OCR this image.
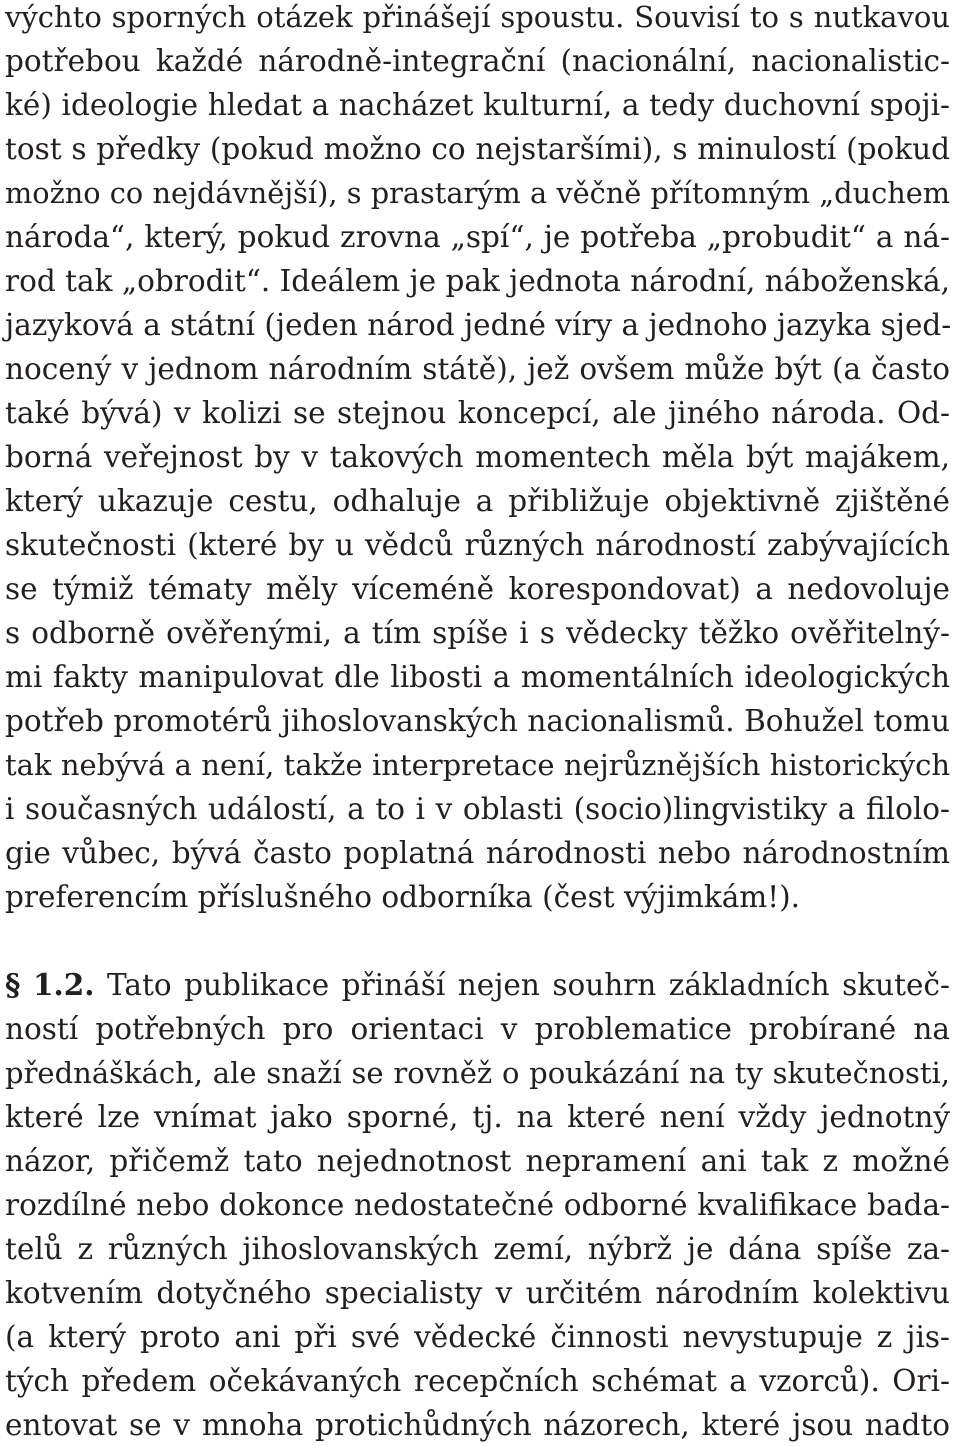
výchto sporných otázek přinášejí spoustu. Souvisí to s nutkavou
potřebou každé národně-integrační (nacionální, nacionalistic-
ké) ideologie hledat a nacházet kulturní, a tedy duchovní spoji-
tost s předky (pokud možno co nejstaršími), s minulostí (pokud
možno co nejdávnější), s prastarým a věčně přítomným „duchem
národa“, který, pokud zrovna „spí“, je potřeba „probudit“ a ná-
rod tak „obrodit“. Ideálem je pak jednota národní, náboženská,
jazyková a státní (jeden národ jedné víry a jednoho jazyka sjed-
nocený v jednom národním státě), jež ovšem může být (a často
také bývá) v kolizi se stejnou koncepcí, ale jiného národa. Od-
borná veřejnost by v takových momentech měla být majákem,
který ukazuje cestu, odhaluje a přibližuje objektivně zjištěné
skutečnosti (které by u vědců různých národností zabývajících
se týmiž tématy měly víceméně korespondovat) a nedovoluje
s odborně ověřenými, a tím spíše i s vědecky těžko ověřitelný-
mi fakty manipulovat dle libosti a momentálních ideologických
potřeb promotérů jihoslovanských nacionalismů. Bohužel tomu
tak nebývá a není, takže interpretace nejrůznějších historických
i současných událostí, a to i v oblasti (socio)lingvistiky a filolo-
gie vůbec, bývá často poplatná národnosti nebo národnostním
preferencím příslušného odborníka (čest výjimkám!).
§ 1.2. Tato publikace přináší nejen souhrn základních skuteč-
ností potřebných pro orientaci v problematice probírané na
přednáškách, ale snaží se rovněž o poukázání na ty skutečnosti,
které lze vnímat jako sporné, tj. na které není vždy jednotný
názor, přičemž tato nejednotnost nepramení ani tak z možné
rozdílné nebo dokonce nedostatečné odborné kvalifikace bada-
telů z různých jihoslovanských zemí, nýbrž je dána spíše za-
kotvením dotyčného specialisty v určitém národním kolektivu
(a který proto ani při své vědecké činnosti nevystupuje z jis-
tých předem očekávaných recepčních schémat a vzorců). Ori-
entovat se v mnoha protichůdných názorech, které jsou nadto
